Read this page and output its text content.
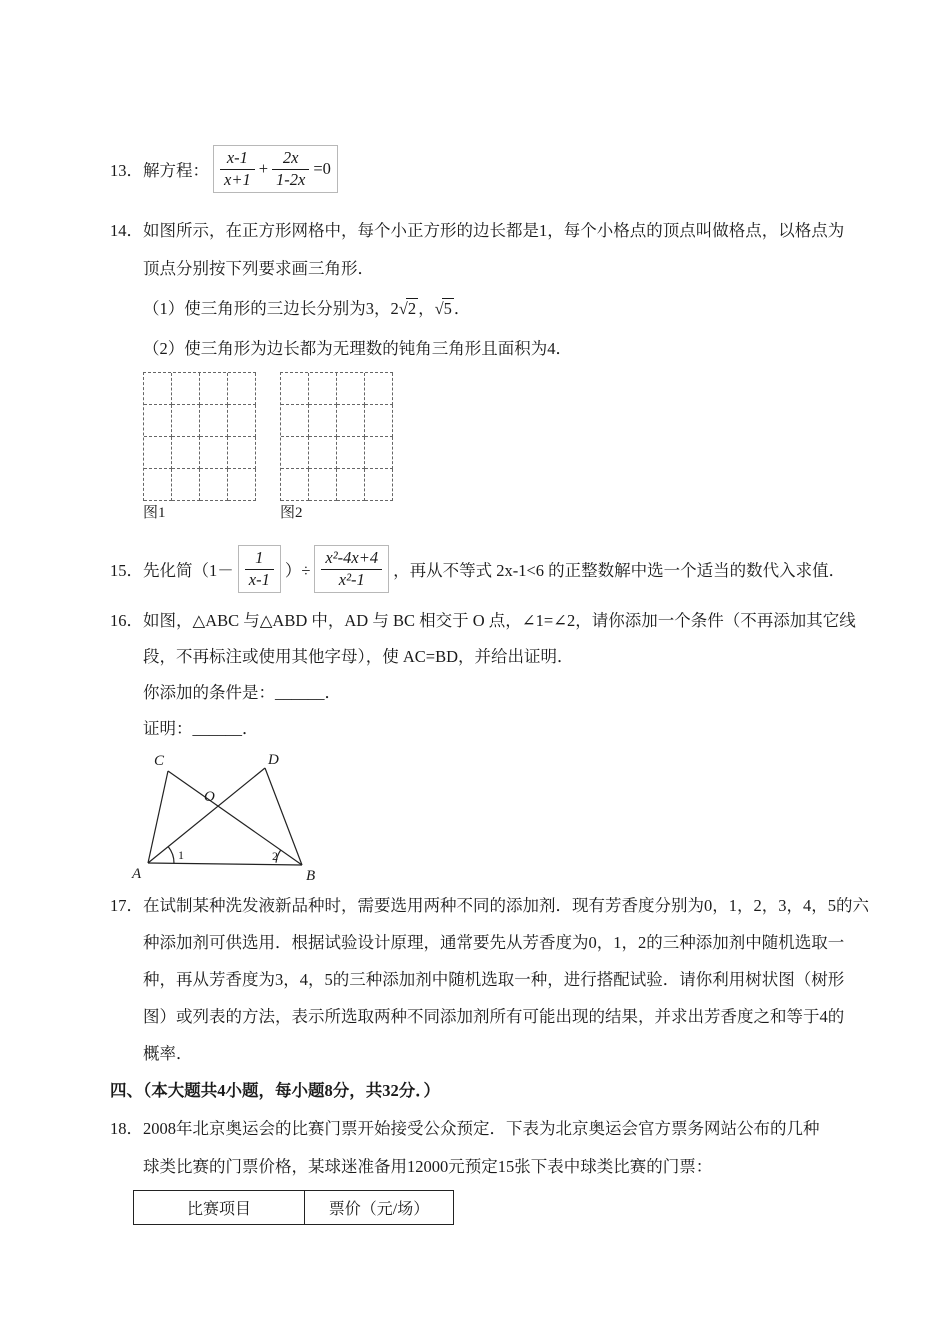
13．解方程： $\frac{x-1}{x+1} + \frac{2x}{1-2x} =0$
14．如图所示，在正方形网格中，每个小正方形的边长都是1，每个小格点的顶点叫做格点，以格点为
顶点分别按下列要求画三角形．
（1）使三角形的三边长分别为3，2 √2 ， √5 ．
（2）使三角形为边长都为无理数的钝角三角形且面积为4．
图1	图2
15．先化简（$1- \frac{1}{x-1}$ ）÷ $\frac{\text{x²-4x+4}}{\text{x²-1}}$ ，再从不等式 2x-1<6 的正整数解中选一个适当的数代入求值．
16．如图，△ABC 与△ABD 中，AD 与 BC 相交于 O 点，∠1=∠2，请你添加一个条件（不再添加其它线
段，不再标注或使用其他字母），使 AC=BD，并给出证明．
你添加的条件是：______．
证明：______．
C	D
O
A	B
1	2
17．在试制某种洗发液新品种时，需要选用两种不同的添加剂．现有芳香度分别为0，1，2，3，4，5的六
种添加剂可供选用．根据试验设计原理，通常要先从芳香度为0，1，2的三种添加剂中随机选取一
种，再从芳香度为3，4，5的三种添加剂中随机选取一种，进行搭配试验．请你利用树状图（树形
图）或列表的方法，表示所选取两种不同添加剂所有可能出现的结果，并求出芳香度之和等于4的
概率．
四、（本大题共4小题，每小题8分，共32分．）
18．2008年北京奥运会的比赛门票开始接受公众预定．下表为北京奥运会官方票务网站公布的几种
球类比赛的门票价格，某球迷准备用12000元预定15张下表中球类比赛的门票：
比赛项目	票价（元/场）
